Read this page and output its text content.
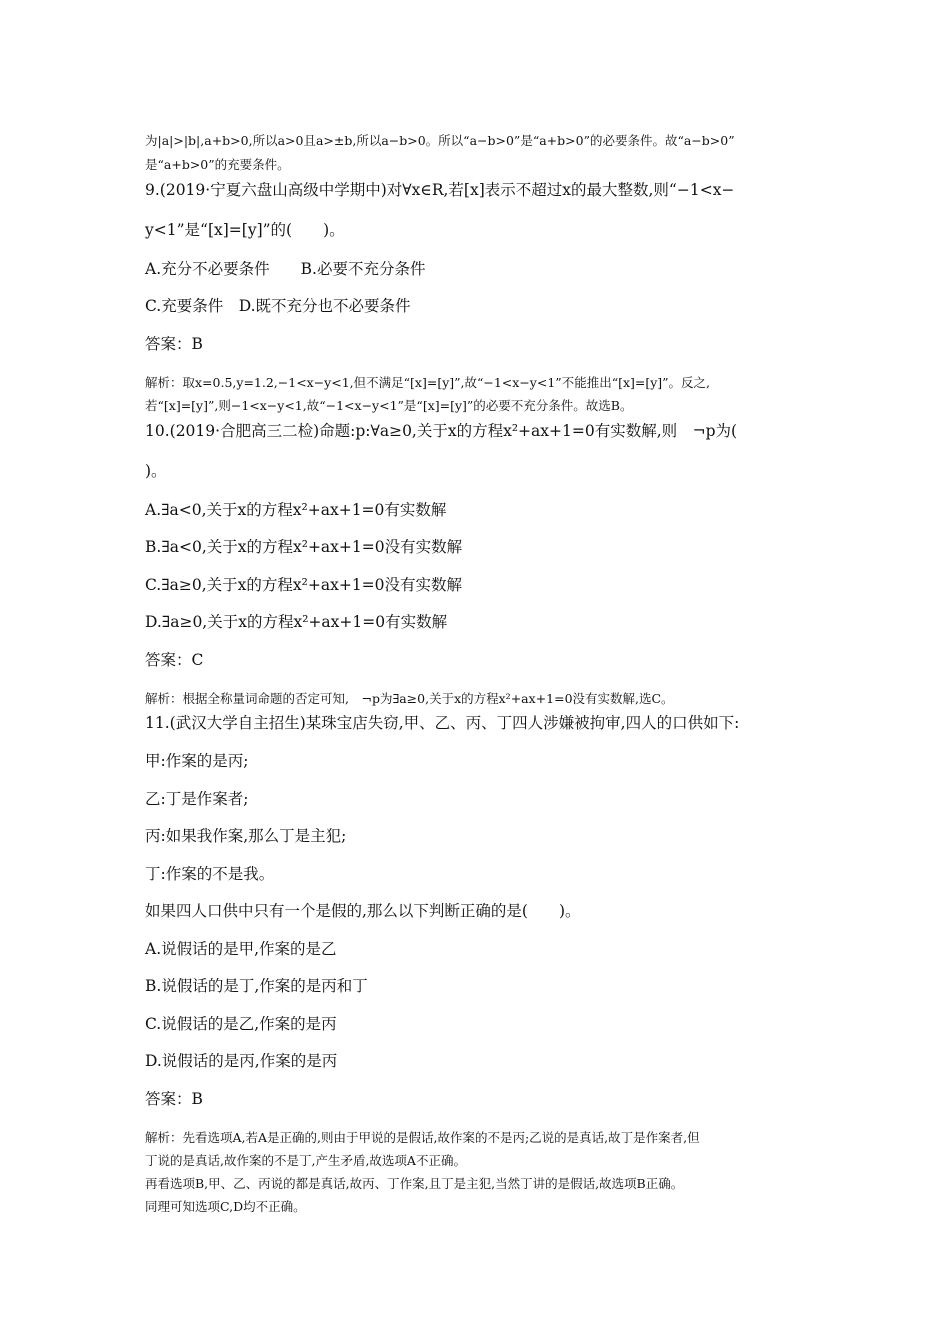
为|a|>|b|,a+b>0,所以a>0且a>±b,所以a−b>0。所以“a−b>0”是“a+b>0”的必要条件。故“a−b>0”
是“a+b>0”的充要条件。
9.(2019·宁夏六盘山高级中学期中)对∀x∈R,若[x]表示不超过x的最大整数,则“−1<x−
y<1”是“[x]=[y]”的(　　)。
A.充分不必要条件　　B.必要不充分条件
C.充要条件　D.既不充分也不必要条件
答案：B
解析：取x=0.5,y=1.2,−1<x−y<1,但不满足“[x]=[y]”,故“−1<x−y<1”不能推出“[x]=[y]”。反之,
若“[x]=[y]”,则−1<x−y<1,故“−1<x−y<1”是“[x]=[y]”的必要不充分条件。故选B。
10.(2019·合肥高三二检)命题:p:∀a≥0,关于x的方程x²+ax+1=0有实数解,则　¬p为(
)。
A.∃a<0,关于x的方程x²+ax+1=0有实数解
B.∃a<0,关于x的方程x²+ax+1=0没有实数解
C.∃a≥0,关于x的方程x²+ax+1=0没有实数解
D.∃a≥0,关于x的方程x²+ax+1=0有实数解
答案：C
解析：根据全称量词命题的否定可知,　¬p为∃a≥0,关于x的方程x²+ax+1=0没有实数解,选C。
11.(武汉大学自主招生)某珠宝店失窃,甲、乙、丙、丁四人涉嫌被拘审,四人的口供如下:
甲:作案的是丙;
乙:丁是作案者;
丙:如果我作案,那么丁是主犯;
丁:作案的不是我。
如果四人口供中只有一个是假的,那么以下判断正确的是(　　)。
A.说假话的是甲,作案的是乙
B.说假话的是丁,作案的是丙和丁
C.说假话的是乙,作案的是丙
D.说假话的是丙,作案的是丙
答案：B
解析：先看选项A,若A是正确的,则由于甲说的是假话,故作案的不是丙;乙说的是真话,故丁是作案者,但
丁说的是真话,故作案的不是丁,产生矛盾,故选项A不正确。
再看选项B,甲、乙、丙说的都是真话,故丙、丁作案,且丁是主犯,当然丁讲的是假话,故选项B正确。
同理可知选项C,D均不正确。
